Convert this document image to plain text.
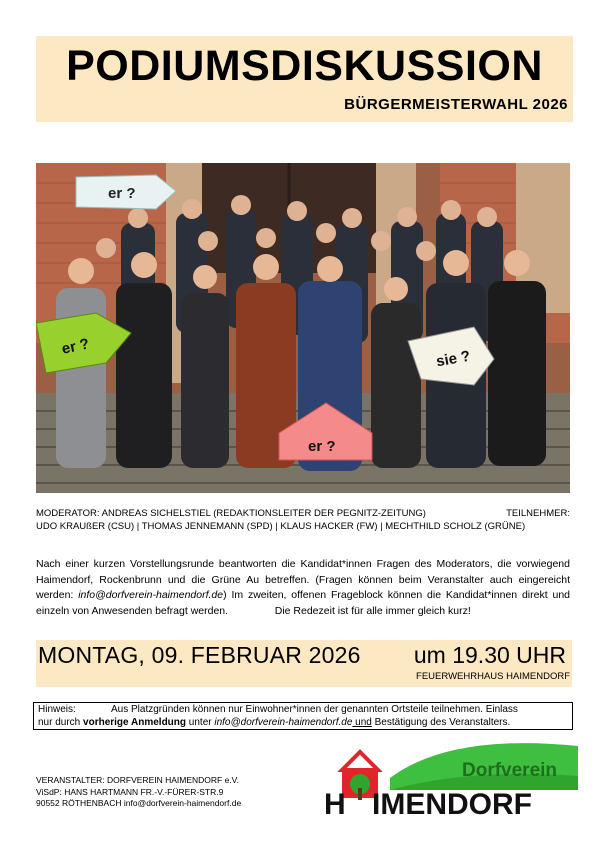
PODIUMSDISKUSSION
BÜRGERMEISTERWAHL 2026
er ?
er ?
sie ?
er ?
MODERATOR: ANDREAS SICHELSTIEL (REDAKTIONSLEITER DER PEGNITZ-ZEITUNG)	TEILNEHMER:
UDO KRAUßER (CSU) | THOMAS JENNEMANN (SPD) | KLAUS HACKER (FW) | MECHTHILD SCHOLZ (GRÜNE)
Nach einer kurzen Vorstellungsrunde beantworten die Kandidat*innen Fragen des Moderators, die vorwiegend Haimendorf, Rockenbrunn und die Grüne Au betreffen. (Fragen können beim Veranstalter auch eingereicht werden: info@dorfverein-haimendorf.de) Im zweiten, offenen Frageblock können die Kandidat*innen direkt und einzeln von Anwesenden befragt werden.	Die Redezeit ist für alle immer gleich kurz!
MONTAG, 09. FEBRUAR 2026 um 19.30 UHR
FEUERWEHRHAUS HAIMENDORF
Hinweis:	Aus Platzgründen können nur Einwohner*innen der genannten Ortsteile teilnehmen. Einlass
nur durch vorherige Anmeldung unter info@dorfverein-haimendorf.de und Bestätigung des Veranstalters.
VERANSTALTER: DORFVEREIN HAIMENDORF e.V.
ViSdP: HANS HARTMANN FR.-V.-FÜRER-STR.9
90552 RÖTHENBACH info@dorfverein-haimendorf.de
Dorfverein
H IMENDORF
